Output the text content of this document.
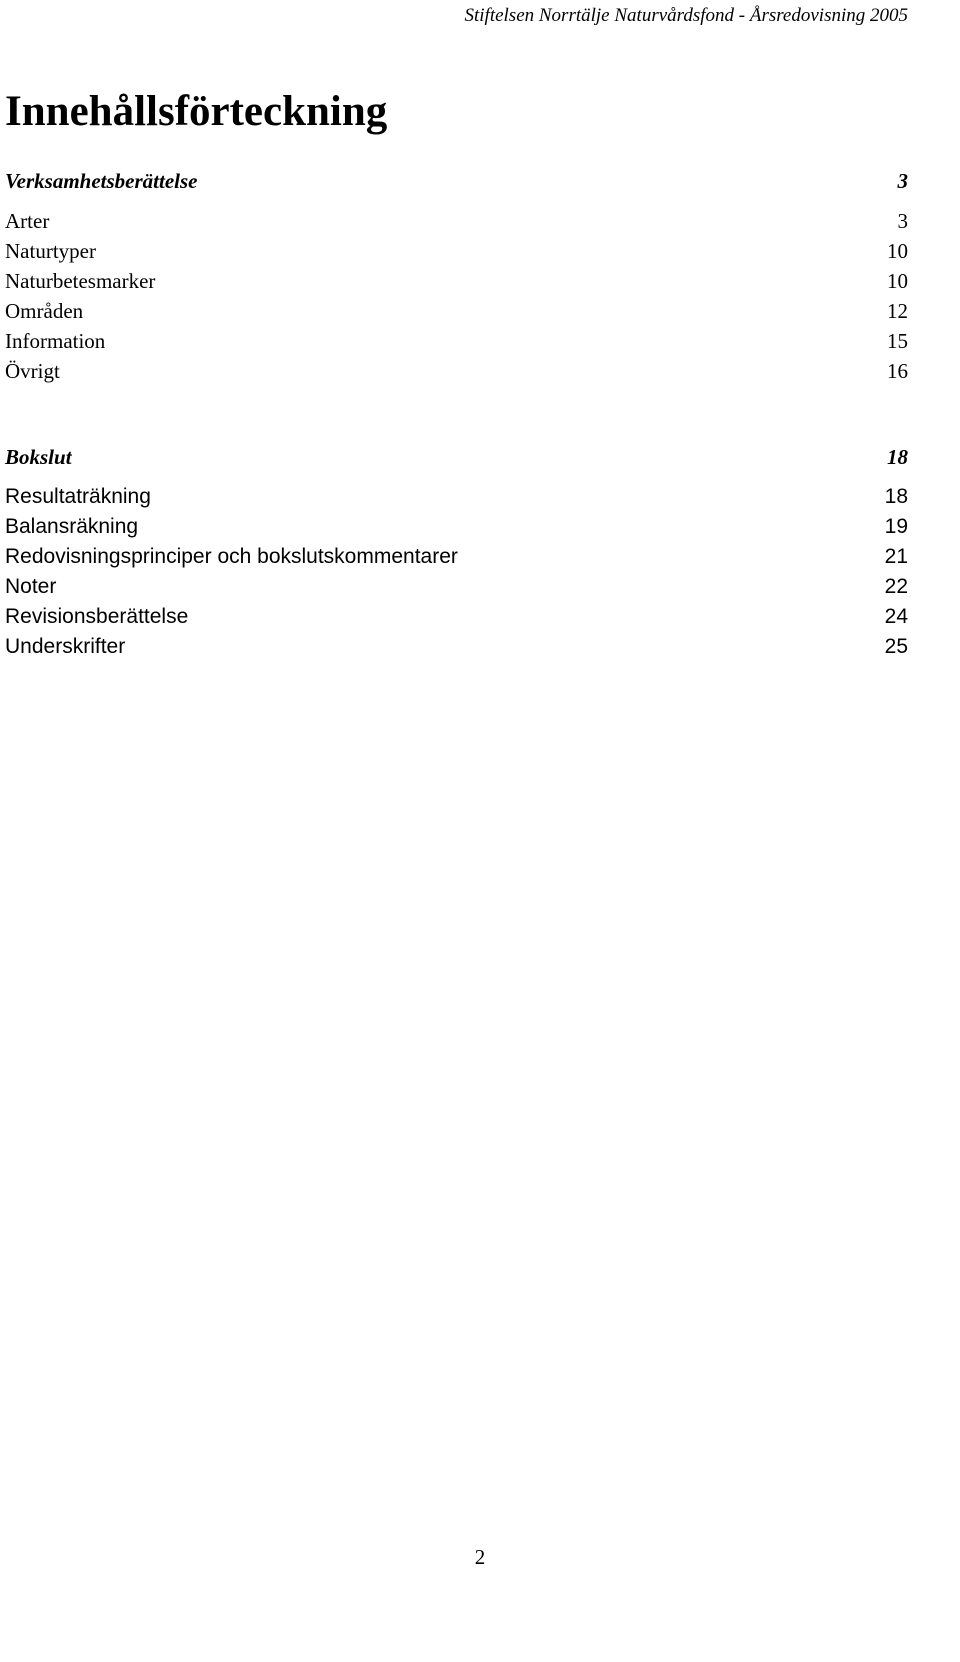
Stiftelsen Norrtälje Naturvårdsfond - Årsredovisning 2005
Innehållsförteckning
Verksamhetsberättelse	3
Arter	3
Naturtyper	10
Naturbetesmarker	10
Områden	12
Information	15
Övrigt	16
Bokslut	18
Resultaträkning	18
Balansräkning	19
Redovisningsprinciper och bokslutskommentarer	21
Noter	22
Revisionsberättelse	24
Underskrifter	25
2
